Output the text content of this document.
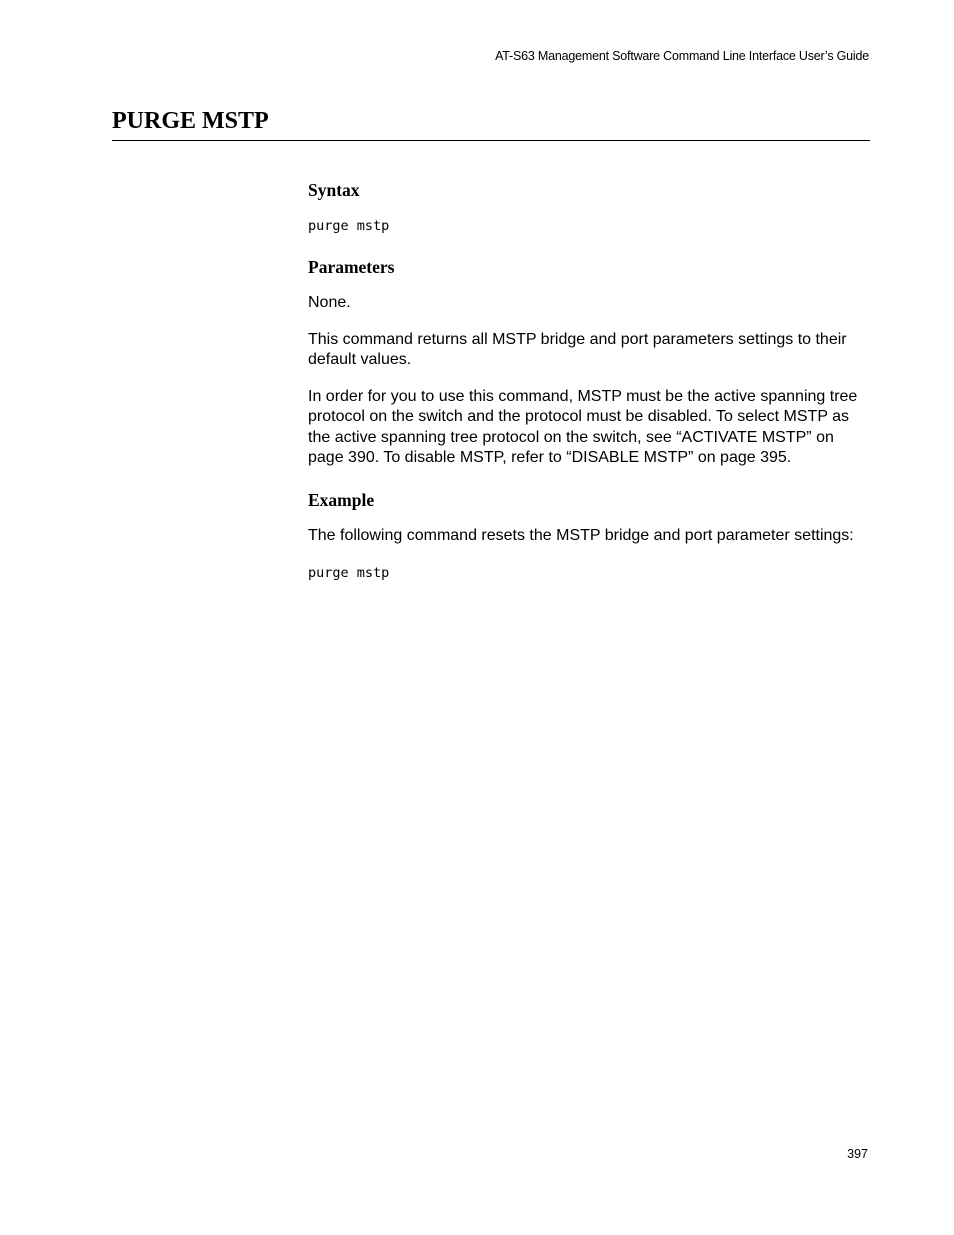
AT-S63 Management Software Command Line Interface User’s Guide
PURGE MSTP
Syntax
purge mstp
Parameters

None.

This command returns all MSTP bridge and port parameters settings to their default values.

In order for you to use this command, MSTP must be the active spanning tree protocol on the switch and the protocol must be disabled. To select MSTP as the active spanning tree protocol on the switch, see “ACTIVATE MSTP” on page 390. To disable MSTP, refer to “DISABLE MSTP” on page 395.

Example

The following command resets the MSTP bridge and port parameter settings:

purge mstp
397
